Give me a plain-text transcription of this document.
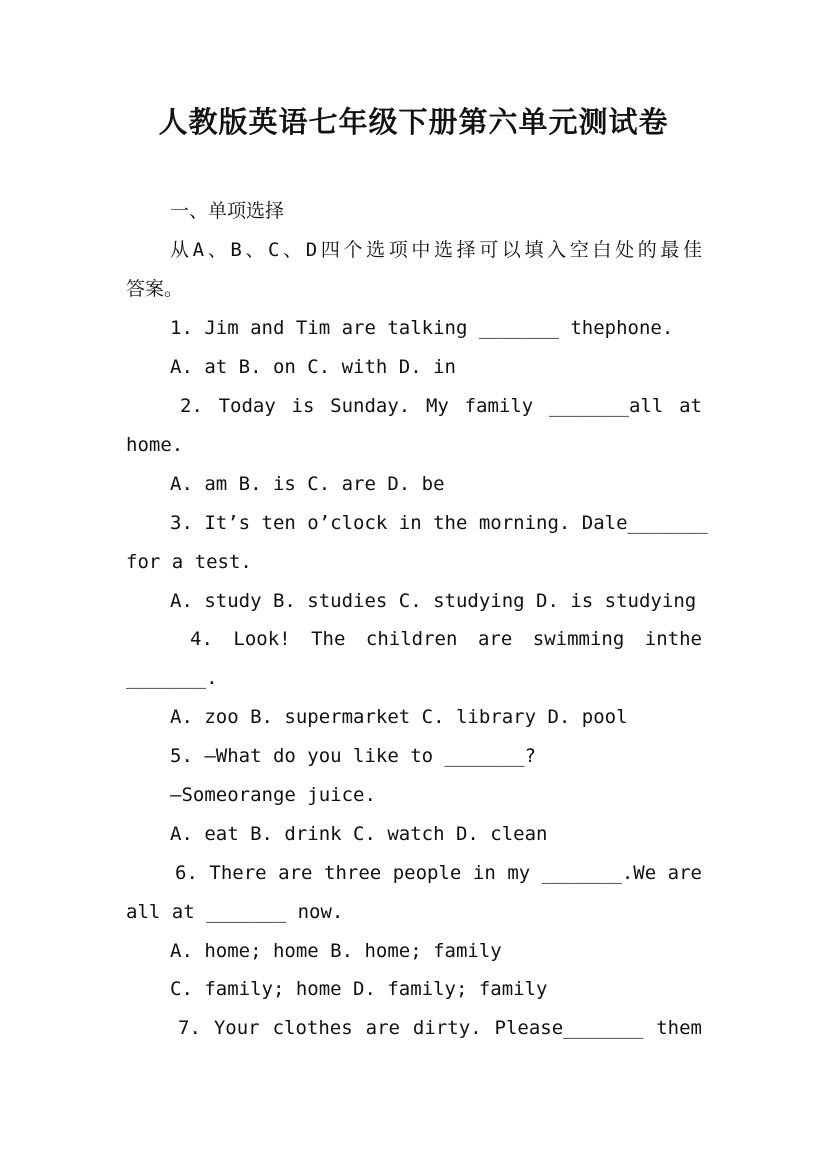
人教版英语七年级下册第六单元测试卷

一、单项选择

从A、B、C、D四个选项中选择可以填入空白处的最佳

答案。

1. Jim and Tim are talking _______ thephone.

A. at B. on C. with D. in

2. Today is Sunday. My family _______all at

home.

A. am B. is C. are D. be

3. It’s ten o’clock in the morning. Dale_______

for a test.

A. study B. studies C. studying D. is studying

4. Look! The children are swimming inthe

_______.

A. zoo B. supermarket C. library D. pool

5. —What do you like to _______?

—Someorange juice.

A. eat B. drink C. watch D. clean

6. There are three people in my _______.We are

all at _______ now.

A. home; home B. home; family

C. family; home D. family; family

7. Your clothes are dirty. Please_______ them
